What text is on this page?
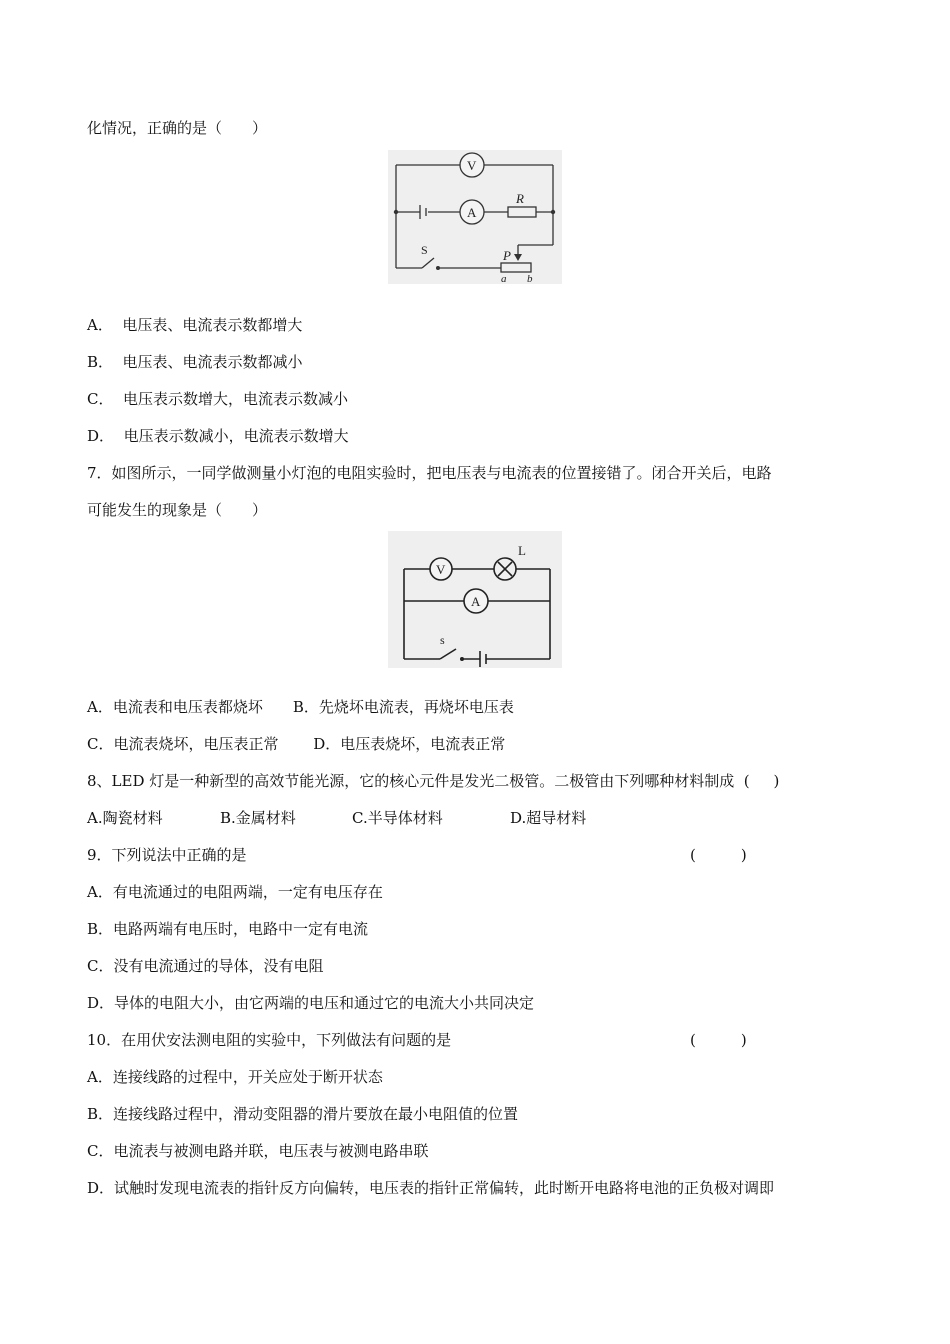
化情况，正确的是（　　）
V
A
R
S	P
a b
A．  电压表、电流表示数都增大
B．  电压表、电流表示数都减小
C．  电压表示数增大，电流表示数减小
D．  电压表示数减小，电流表示数增大
7．如图所示，一同学做测量小灯泡的电阻实验时，把电压表与电流表的位置接错了。闭合开关后，电路
可能发生的现象是（　　）
V
L
A
s
A．电流表和电压表都烧坏　　B．先烧坏电流表，再烧坏电压表
C．电流表烧坏，电压表正常　　 D．电压表烧坏，电流表正常
8、LED 灯是一种新型的高效节能光源，它的核心元件是发光二极管。二极管由下列哪种材料制成  (     )
A.陶瓷材料	B.金属材料	C.半导体材料	D.超导材料
9．下列说法中正确的是	(　　　)
A．有电流通过的电阻两端，一定有电压存在
B．电路两端有电压时，电路中一定有电流
C．没有电流通过的导体，没有电阻
D．导体的电阻大小，由它两端的电压和通过它的电流大小共同决定
10．在用伏安法测电阻的实验中，下列做法有问题的是	(　　　)
A．连接线路的过程中，开关应处于断开状态
B．连接线路过程中，滑动变阻器的滑片要放在最小电阻值的位置
C．电流表与被测电路并联，电压表与被测电路串联
D．试触时发现电流表的指针反方向偏转，电压表的指针正常偏转，此时断开电路将电池的正负极对调即
